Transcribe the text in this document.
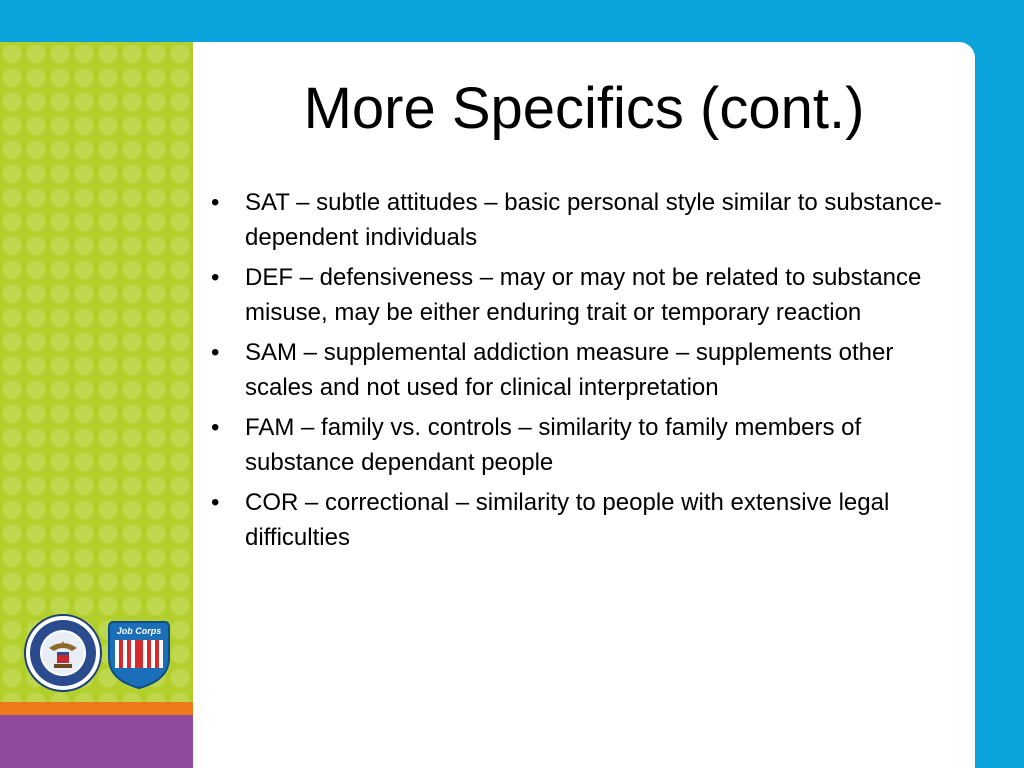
More Specifics (cont.)
• SAT – subtle attitudes – basic personal style similar to substance-dependent individuals
• DEF – defensiveness – may or may not be related to substance misuse, may be either enduring trait or temporary reaction
• SAM – supplemental addiction measure – supplements other scales and not used for clinical interpretation
• FAM – family vs. controls – similarity to family members of substance dependant people
• COR – correctional – similarity to people with extensive legal difficulties
Job Corps
